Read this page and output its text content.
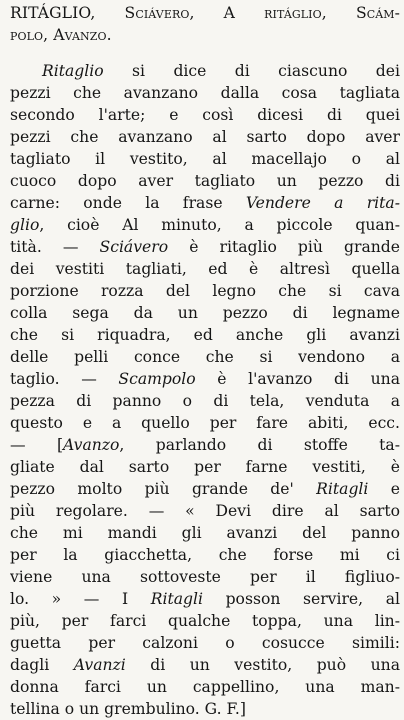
RITÁGLIO, Sciávero, A ritáglio, Scám-
polo, Avanzo.
Ritaglio si dice di ciascuno dei
pezzi che avanzano dalla cosa tagliata
secondo l'arte; e così dicesi di quei
pezzi che avanzano al sarto dopo aver
tagliato il vestito, al macellajo o al
cuoco dopo aver tagliato un pezzo di
carne: onde la frase Vendere a rita-
glio, cioè Al minuto, a piccole quan-
tità. — Sciávero è ritaglio più grande
dei vestiti tagliati, ed è altresì quella
porzione rozza del legno che si cava
colla sega da un pezzo di legname
che si riquadra, ed anche gli avanzi
delle pelli conce che si vendono a
taglio. — Scampolo è l'avanzo di una
pezza di panno o di tela, venduta a
questo e a quello per fare abiti, ecc.
— [Avanzo, parlando di stoffe ta-
gliate dal sarto per farne vestiti, è
pezzo molto più grande de' Ritagli e
più regolare. — « Devi dire al sarto
che mi mandi gli avanzi del panno
per la giacchetta, che forse mi ci
viene una sottoveste per il figliuo-
lo. » — I Ritagli posson servire, al
più, per farci qualche toppa, una lin-
guetta per calzoni o cosucce simili:
dagli Avanzi di un vestito, può una
donna farci un cappellino, una man-
tellina o un grembulino. G. F.]
